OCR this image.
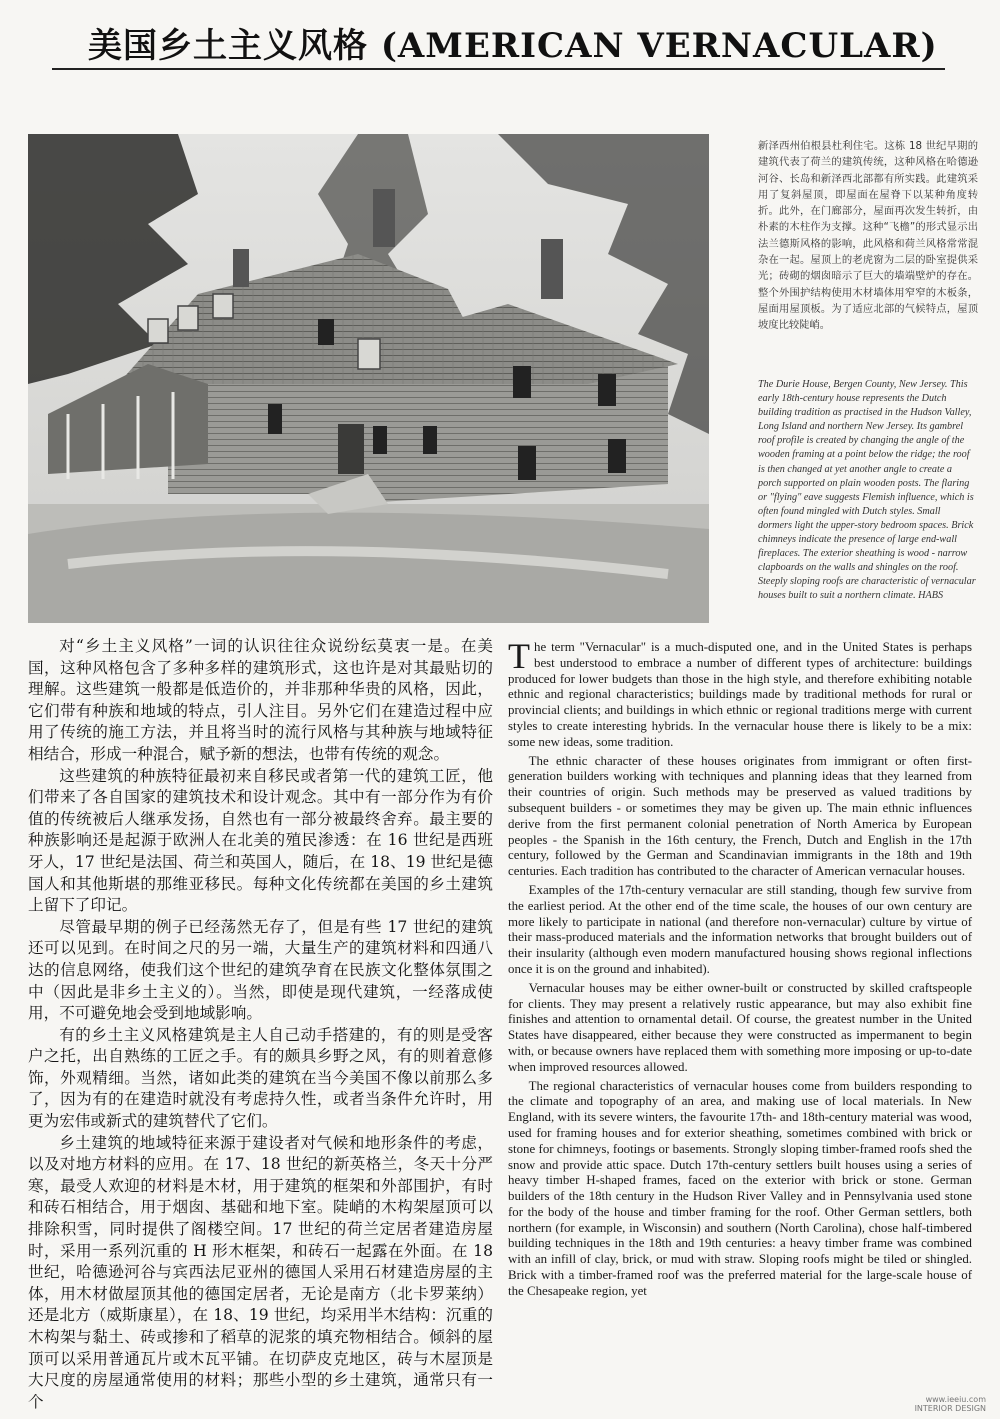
美国乡土主义风格 (AMERICAN VERNACULAR)
新泽西州伯根县杜利住宅。这栋 18 世纪早期的建筑代表了荷兰的建筑传统，这种风格在哈德逊河谷、长岛和新泽西北部都有所实践。此建筑采用了复斜屋顶，即屋面在屋脊下以某种角度转折。此外，在门廊部分，屋面再次发生转折，由朴素的木柱作为支撑。这种“飞檐”的形式显示出法兰德斯风格的影响，此风格和荷兰风格常常混杂在一起。屋顶上的老虎窗为二层的卧室提供采光；砖砌的烟囱暗示了巨大的墙端壁炉的存在。整个外围护结构使用木材墙体用窄窄的木板条，屋面用屋顶板。为了适应北部的气候特点，屋顶坡度比较陡峭。
The Durie House, Bergen County, New Jersey. This early 18th-century house represents the Dutch building tradition as practised in the Hudson Valley, Long Island and northern New Jersey. Its gambrel roof profile is created by changing the angle of the wooden framing at a point below the ridge; the roof is then changed at yet another angle to create a porch supported on plain wooden posts. The flaring or "flying" eave suggests Flemish influence, which is often found mingled with Dutch styles. Small dormers light the upper-story bedroom spaces. Brick chimneys indicate the presence of large end-wall fireplaces. The exterior sheathing is wood - narrow clapboards on the walls and shingles on the roof. Steeply sloping roofs are characteristic of vernacular houses built to suit a northern climate. HABS

对“乡土主义风格”一词的认识往往众说纷纭莫衷一是。在美国，这种风格包含了多种多样的建筑形式，这也许是对其最贴切的理解。这些建筑一般都是低造价的，并非那种华贵的风格，因此，它们带有种族和地域的特点，引人注目。另外它们在建造过程中应用了传统的施工方法，并且将当时的流行风格与其种族与地域特征相结合，形成一种混合，赋予新的想法，也带有传统的观念。

这些建筑的种族特征最初来自移民或者第一代的建筑工匠，他们带来了各自国家的建筑技术和设计观念。其中有一部分作为有价值的传统被后人继承发扬，自然也有一部分被最终舍弃。最主要的种族影响还是起源于欧洲人在北美的殖民渗透：在 16 世纪是西班牙人，17 世纪是法国、荷兰和英国人，随后，在 18、19 世纪是德国人和其他斯堪的那维亚移民。每种文化传统都在美国的乡土建筑上留下了印记。

尽管最早期的例子已经荡然无存了，但是有些 17 世纪的建筑还可以见到。在时间之尺的另一端，大量生产的建筑材料和四通八达的信息网络，使我们这个世纪的建筑孕育在民族文化整体氛围之中（因此是非乡土主义的）。当然，即使是现代建筑，一经落成使用，不可避免地会受到地域影响。

有的乡土主义风格建筑是主人自己动手搭建的，有的则是受客户之托，出自熟练的工匠之手。有的颇具乡野之风，有的则着意修饰，外观精细。当然，诸如此类的建筑在当今美国不像以前那么多了，因为有的在建造时就没有考虑持久性，或者当条件允许时，用更为宏伟或新式的建筑替代了它们。

乡土建筑的地域特征来源于建设者对气候和地形条件的考虑，以及对地方材料的应用。在 17、18 世纪的新英格兰，冬天十分严寒，最受人欢迎的材料是木材，用于建筑的框架和外部围护，有时和砖石相结合，用于烟囱、基础和地下室。陡峭的木构架屋顶可以排除积雪，同时提供了阁楼空间。17 世纪的荷兰定居者建造房屋时，采用一系列沉重的 H 形木框架，和砖石一起露在外面。在 18 世纪，哈德逊河谷与宾西法尼亚州的德国人采用石材建造房屋的主体，用木材做屋顶其他的德国定居者，无论是南方（北卡罗莱纳）还是北方（威斯康星），在 18、19 世纪，均采用半木结构：沉重的木构架与黏土、砖或掺和了稻草的泥浆的填充物相结合。倾斜的屋顶可以采用普通瓦片或木瓦平铺。在切萨皮克地区，砖与木屋顶是大尺度的房屋通常使用的材料；那些小型的乡土建筑，通常只有一个

The term "Vernacular" is a much-disputed one, and in the United States is perhaps best understood to embrace a number of different types of architecture: buildings produced for lower budgets than those in the high style, and therefore exhibiting notable ethnic and regional characteristics; buildings made by traditional methods for rural or provincial clients; and buildings in which ethnic or regional traditions merge with current styles to create interesting hybrids. In the vernacular house there is likely to be a mix: some new ideas, some tradition.

The ethnic character of these houses originates from immigrant or often first-generation builders working with techniques and planning ideas that they learned from their countries of origin. Such methods may be preserved as valued traditions by subsequent builders - or sometimes they may be given up. The main ethnic influences derive from the first permanent colonial penetration of North America by European peoples - the Spanish in the 16th century, the French, Dutch and English in the 17th century, followed by the German and Scandinavian immigrants in the 18th and 19th centuries. Each tradition has contributed to the character of American vernacular houses.

Examples of the 17th-century vernacular are still standing, though few survive from the earliest period. At the other end of the time scale, the houses of our own century are more likely to participate in national (and therefore non-vernacular) culture by virtue of their mass-produced materials and the information networks that brought builders out of their insularity (although even modern manufactured housing shows regional inflections once it is on the ground and inhabited).

Vernacular houses may be either owner-built or constructed by skilled craftspeople for clients. They may present a relatively rustic appearance, but may also exhibit fine finishes and attention to ornamental detail. Of course, the greatest number in the United States have disappeared, either because they were constructed as impermanent to begin with, or because owners have replaced them with something more imposing or up-to-date when improved resources allowed.

The regional characteristics of vernacular houses come from builders responding to the climate and topography of an area, and making use of local materials. In New England, with its severe winters, the favourite 17th- and 18th-century material was wood, used for framing houses and for exterior sheathing, sometimes combined with brick or stone for chimneys, footings or basements. Strongly sloping timber-framed roofs shed the snow and provide attic space. Dutch 17th-century settlers built houses using a series of heavy timber H-shaped frames, faced on the exterior with brick or stone. German builders of the 18th century in the Hudson River Valley and in Pennsylvania used stone for the body of the house and timber framing for the roof. Other German settlers, both northern (for example, in Wisconsin) and southern (North Carolina), chose half-timbered building techniques in the 18th and 19th centuries: a heavy timber frame was combined with an infill of clay, brick, or mud with straw. Sloping roofs might be tiled or shingled. Brick with a timber-framed roof was the preferred material for the large-scale house of the Chesapeake region, yet

www.ieeiu.com
INTERIOR DESIGN
